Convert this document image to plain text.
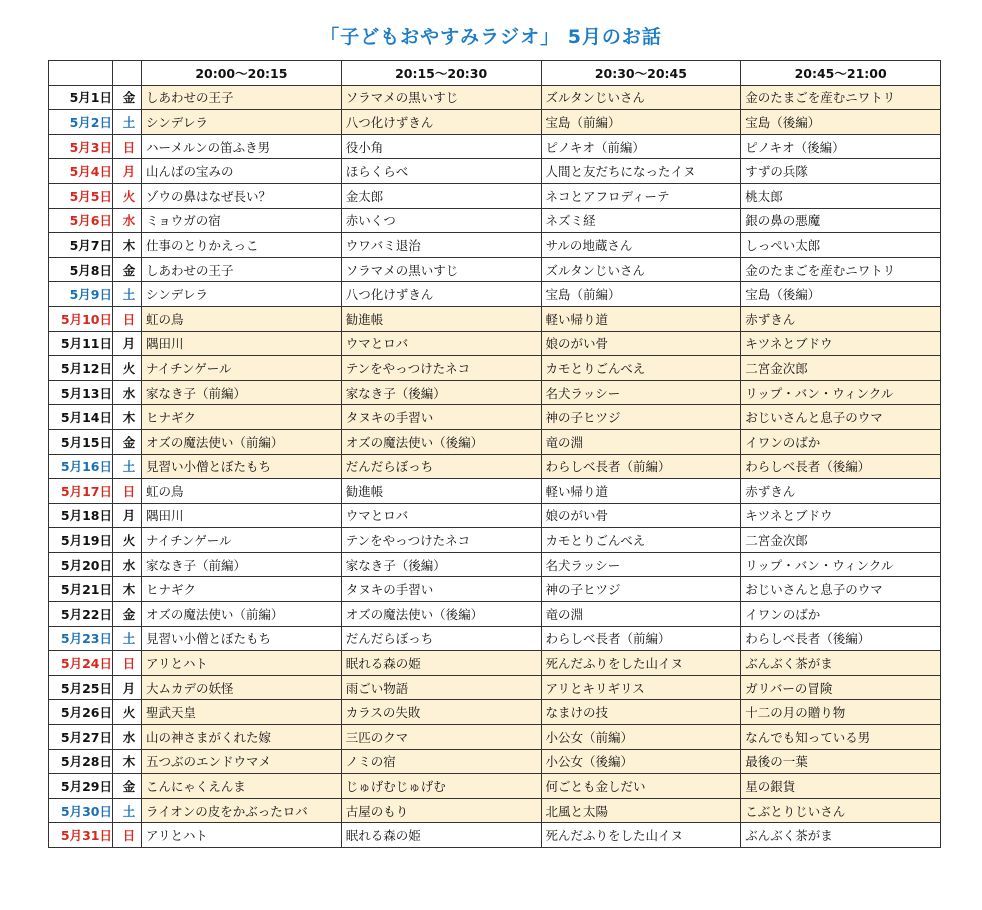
「子どもおやすみラジオ」 5月のお話
		20:00〜20:15	20:15〜20:30	20:30〜20:45	20:45〜21:00
5月1日	金	しあわせの王子	ソラマメの黒いすじ	ズルタンじいさん	金のたまごを産むニワトリ
5月2日	土	シンデレラ	八つ化けずきん	宝島（前編）	宝島（後編）
5月3日	日	ハーメルンの笛ふき男	役小角	ピノキオ（前編）	ピノキオ（後編）
5月4日	月	山んばの宝みの	ほらくらべ	人間と友だちになったイヌ	すずの兵隊
5月5日	火	ゾウの鼻はなぜ長い？	金太郎	ネコとアフロディーテ	桃太郎
5月6日	水	ミョウガの宿	赤いくつ	ネズミ経	銀の鼻の悪魔
5月7日	木	仕事のとりかえっこ	ウワバミ退治	サルの地蔵さん	しっぺい太郎
5月8日	金	しあわせの王子	ソラマメの黒いすじ	ズルタンじいさん	金のたまごを産むニワトリ
5月9日	土	シンデレラ	八つ化けずきん	宝島（前編）	宝島（後編）
5月10日	日	虹の鳥	勧進帳	軽い帰り道	赤ずきん
5月11日	月	隅田川	ウマとロバ	娘のがい骨	キツネとブドウ
5月12日	火	ナイチンゲール	テンをやっつけたネコ	カモとりごんべえ	二宮金次郎
5月13日	水	家なき子（前編）	家なき子（後編）	名犬ラッシー	リップ・バン・ウィンクル
5月14日	木	ヒナギク	タヌキの手習い	神の子ヒツジ	おじいさんと息子のウマ
5月15日	金	オズの魔法使い（前編）	オズの魔法使い（後編）	竜の淵	イワンのばか
5月16日	土	見習い小僧とぼたもち	だんだらぼっち	わらしべ長者（前編）	わらしべ長者（後編）
5月17日	日	虹の鳥	勧進帳	軽い帰り道	赤ずきん
5月18日	月	隅田川	ウマとロバ	娘のがい骨	キツネとブドウ
5月19日	火	ナイチンゲール	テンをやっつけたネコ	カモとりごんべえ	二宮金次郎
5月20日	水	家なき子（前編）	家なき子（後編）	名犬ラッシー	リップ・バン・ウィンクル
5月21日	木	ヒナギク	タヌキの手習い	神の子ヒツジ	おじいさんと息子のウマ
5月22日	金	オズの魔法使い（前編）	オズの魔法使い（後編）	竜の淵	イワンのばか
5月23日	土	見習い小僧とぼたもち	だんだらぼっち	わらしべ長者（前編）	わらしべ長者（後編）
5月24日	日	アリとハト	眠れる森の姫	死んだふりをした山イヌ	ぶんぶく茶がま
5月25日	月	大ムカデの妖怪	雨ごい物語	アリとキリギリス	ガリバーの冒険
5月26日	火	聖武天皇	カラスの失敗	なまけの技	十二の月の贈り物
5月27日	水	山の神さまがくれた嫁	三匹のクマ	小公女（前編）	なんでも知っている男
5月28日	木	五つぶのエンドウマメ	ノミの宿	小公女（後編）	最後の一葉
5月29日	金	こんにゃくえんま	じゅげむじゅげむ	何ごとも金しだい	星の銀貨
5月30日	土	ライオンの皮をかぶったロバ	古屋のもり	北風と太陽	こぶとりじいさん
5月31日	日	アリとハト	眠れる森の姫	死んだふりをした山イヌ	ぶんぶく茶がま
